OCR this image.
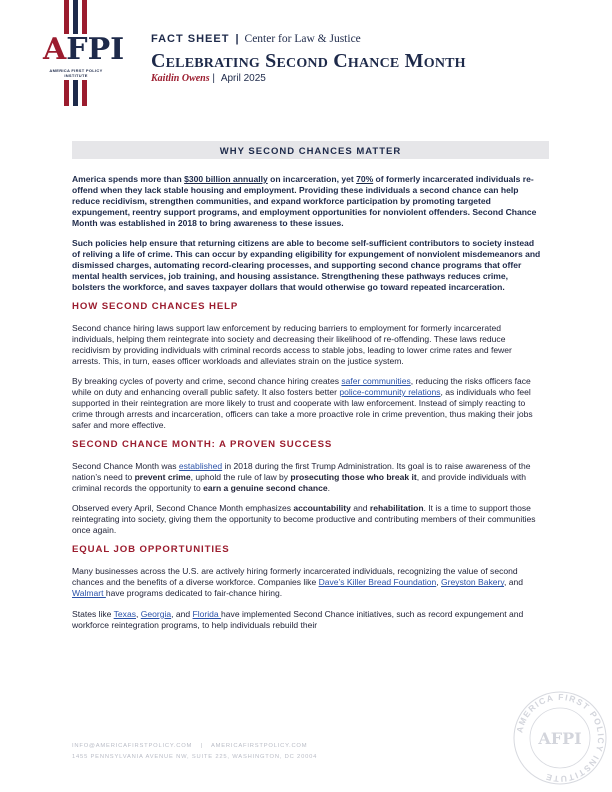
AFPI
AMERICA FIRST POLICY INSTITUTE
FACT SHEET | Center for Law & Justice
Celebrating Second Chance Month
Kaitlin Owens | April 2025
WHY SECOND CHANCES MATTER

America spends more than $300 billion annually on incarceration, yet 70% of formerly incarcerated individuals re-offend when they lack stable housing and employment. Providing these individuals a second chance can help reduce recidivism, strengthen communities, and expand workforce participation by promoting targeted expungement, reentry support programs, and employment opportunities for nonviolent offenders. Second Chance Month was established in 2018 to bring awareness to these issues.

Such policies help ensure that returning citizens are able to become self-sufficient contributors to society instead of reliving a life of crime. This can occur by expanding eligibility for expungement of nonviolent misdemeanors and dismissed charges, automating record-clearing processes, and supporting second chance programs that offer mental health services, job training, and housing assistance. Strengthening these pathways reduces crime, bolsters the workforce, and saves taxpayer dollars that would otherwise go toward repeated incarceration.

HOW SECOND CHANCES HELP

Second chance hiring laws support law enforcement by reducing barriers to employment for formerly incarcerated individuals, helping them reintegrate into society and decreasing their likelihood of re-offending. These laws reduce recidivism by providing individuals with criminal records access to stable jobs, leading to lower crime rates and fewer arrests. This, in turn, eases officer workloads and alleviates strain on the justice system.

By breaking cycles of poverty and crime, second chance hiring creates safer communities, reducing the risks officers face while on duty and enhancing overall public safety. It also fosters better police-community relations, as individuals who feel supported in their reintegration are more likely to trust and cooperate with law enforcement. Instead of simply reacting to crime through arrests and incarceration, officers can take a more proactive role in crime prevention, thus making their jobs safer and more effective.

SECOND CHANCE MONTH: A PROVEN SUCCESS

Second Chance Month was established in 2018 during the first Trump Administration. Its goal is to raise awareness of the nation’s need to prevent crime, uphold the rule of law by prosecuting those who break it, and provide individuals with criminal records the opportunity to earn a genuine second chance.

Observed every April, Second Chance Month emphasizes accountability and rehabilitation. It is a time to support those reintegrating into society, giving them the opportunity to become productive and contributing members of their communities once again.

EQUAL JOB OPPORTUNITIES

Many businesses across the U.S. are actively hiring formerly incarcerated individuals, recognizing the value of second chances and the benefits of a diverse workforce. Companies like Dave’s Killer Bread Foundation, Greyston Bakery, and Walmart have programs dedicated to fair-chance hiring.

States like Texas, Georgia, and Florida have implemented Second Chance initiatives, such as record expungement and workforce reintegration programs, to help individuals rebuild their

INFO@AMERICAFIRSTPOLICY.COM | AMERICAFIRSTPOLICY.COM
1455 PENNSYLVANIA AVENUE NW, SUITE 225, WASHINGTON, DC 20004
AMERICA FIRST POLICY INSTITUTE
AFPI
